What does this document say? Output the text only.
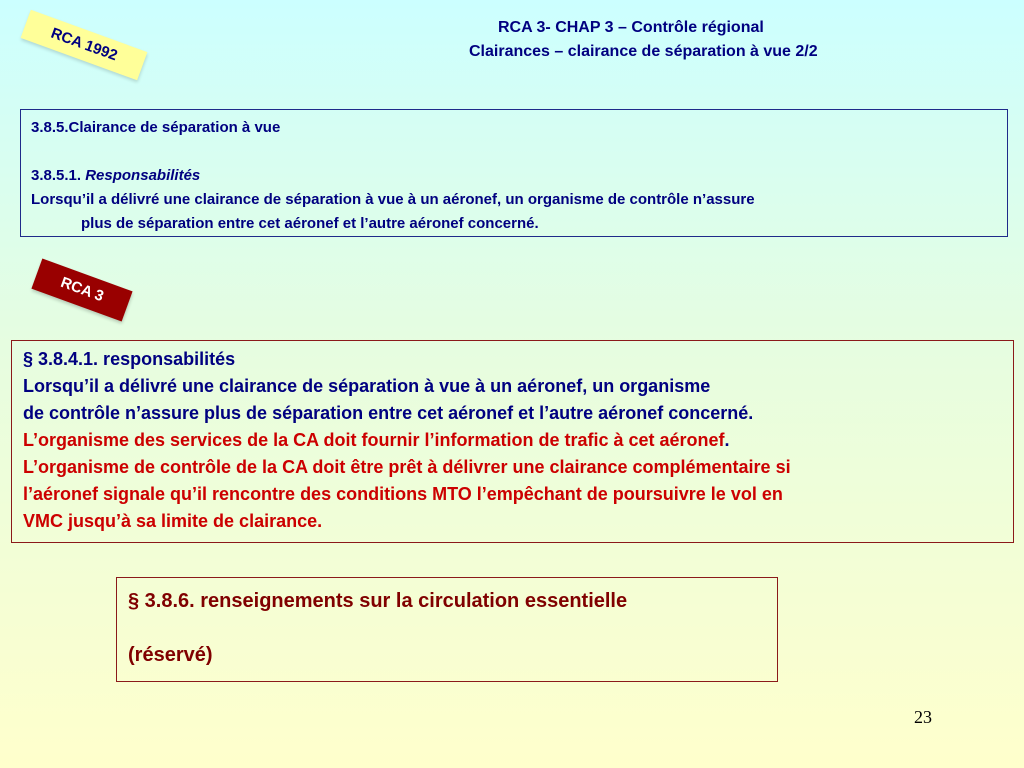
RCA 1992	RCA 3- CHAP 3 – Contrôle régional
Clairances – clairance de séparation à vue 2/2

3.8.5.Clairance de séparation à vue

3.8.5.1. Responsabilités

Lorsqu’il a délivré une clairance de séparation à vue à un aéronef, un organisme de contrôle n’assure
plus de séparation entre cet aéronef et l’autre aéronef concerné.

RCA 3

§ 3.8.4.1. responsabilités

Lorsqu’il a délivré une clairance de séparation à vue à un aéronef, un organisme

de contrôle n’assure plus de séparation entre cet aéronef et l’autre aéronef concerné.

L’organisme des services de la CA doit fournir l’information de trafic à cet aéronef.

L’organisme de contrôle de la CA doit être prêt à délivrer une clairance complémentaire si

l’aéronef signale qu’il rencontre des conditions MTO l’empêchant de poursuivre le vol en

VMC jusqu’à sa limite de clairance.

§ 3.8.6. renseignements sur la circulation essentielle

(réservé)

23
